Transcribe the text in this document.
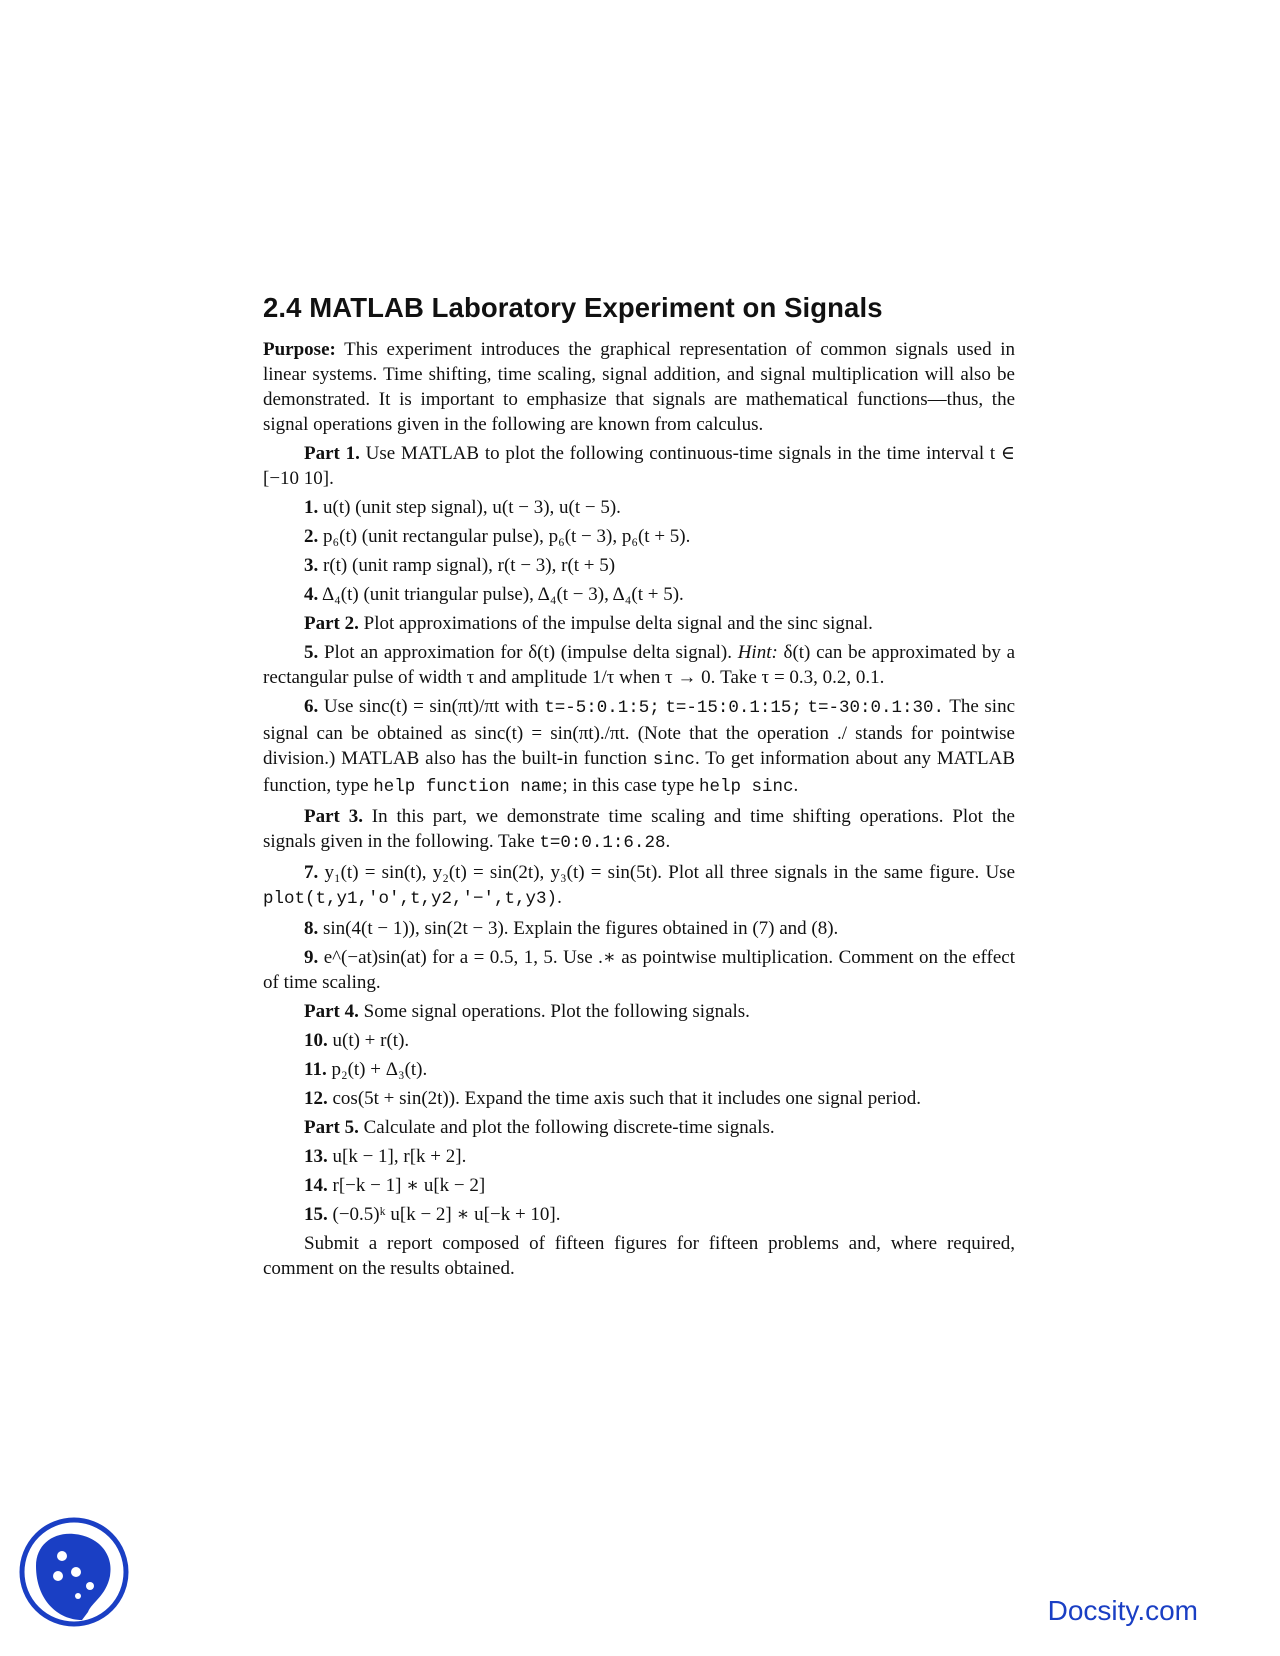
2.4 MATLAB Laboratory Experiment on Signals

Purpose: This experiment introduces the graphical representation of common signals used in linear systems. Time shifting, time scaling, signal addition, and signal multiplication will also be demonstrated. It is important to emphasize that signals are mathematical functions—thus, the signal operations given in the following are known from calculus.

Part 1. Use MATLAB to plot the following continuous-time signals in the time interval t ∈ [−10 10].

1. u(t) (unit step signal), u(t − 3), u(t − 5).

2. p₆(t) (unit rectangular pulse), p₆(t − 3), p₆(t + 5).

3. r(t) (unit ramp signal), r(t − 3), r(t + 5)

4. Δ₄(t) (unit triangular pulse), Δ₄(t − 3), Δ₄(t + 5).

Part 2. Plot approximations of the impulse delta signal and the sinc signal.

5. Plot an approximation for δ(t) (impulse delta signal). Hint: δ(t) can be approximated by a rectangular pulse of width τ and amplitude 1/τ when τ → 0. Take τ = 0.3, 0.2, 0.1.

6. Use sinc(t) = sin(πt)/πt with t=-5:0.1:5; t=-15:0.1:15; t=-30:0.1:30. The sinc signal can be obtained as sinc(t) = sin(πt)./πt. (Note that the operation ./ stands for pointwise division.) MATLAB also has the built-in function sinc. To get information about any MATLAB function, type help function name; in this case type help sinc.

Part 3. In this part, we demonstrate time scaling and time shifting operations. Plot the signals given in the following. Take t=0:0.1:6.28.

7. y₁(t) = sin(t), y₂(t) = sin(2t), y₃(t) = sin(5t). Plot all three signals in the same figure. Use plot(t,y1,'o',t,y2,'−',t,y3).

8. sin(4(t − 1)), sin(2t − 3). Explain the figures obtained in (7) and (8).

9. e^(−at)sin(at) for a = 0.5, 1, 5. Use .∗ as pointwise multiplication. Comment on the effect of time scaling.

Part 4. Some signal operations. Plot the following signals.

10. u(t) + r(t).

11. p₂(t) + Δ₃(t).

12. cos(5t + sin(2t)). Expand the time axis such that it includes one signal period.

Part 5. Calculate and plot the following discrete-time signals.

13. u[k − 1], r[k + 2].

14. r[−k − 1] ∗ u[k − 2]

15. (−0.5)ᵏ u[k − 2] ∗ u[−k + 10].

Submit a report composed of fifteen figures for fifteen problems and, where required, comment on the results obtained.

Docsity.com
